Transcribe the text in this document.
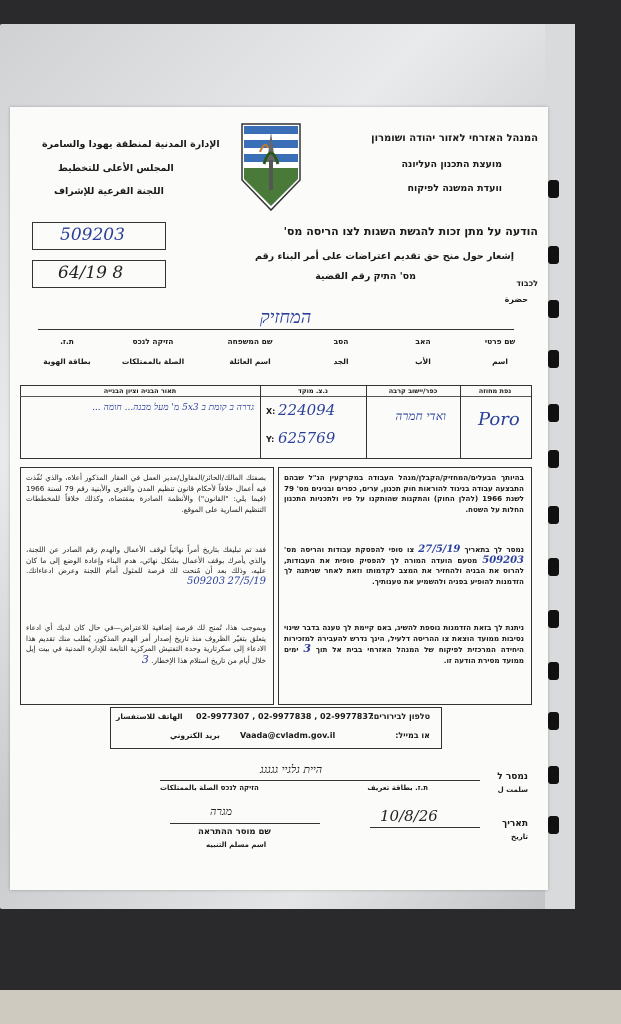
המנהל האזרחי לאזור יהודה ושומרון
מועצת התכנון העליונה
וועדת המשנה לפיקוח
الإدارة المدنية لمنطقة يهودا والسامرة
المجلس الأعلى للتخطيط
اللجنة الفرعية للإشراف
הודעה על מתן זכות להגשת השגות לצו הריסה מס'
إشعار حول منح حق تقديم اعتراضات على أمر البناء رقم
מס' התיק رقم القضية
509203
64/19 8
לכבוד
حضرة
המחזיק
שם פרטי
اسم
האב
الأب
הסב
الجد
שם המשפחה
اسم العائلة
הזיקה לנכס
الصلة بالممتلكات
ת.ז.
بطاقة الهوية
נפת מחוזה
כפר/יישוב קרבה
נ.צ. מוקד
תאור הבניה וציון הבנייה
Poro
ואדי חמרה
X: 224094
Y: 625769
גדרה ב קומת ב 5x3 מ' מעל מבנה... חומה ...
בהיותך הבעלים/המחזיק/הקבלן/מנהל העבודה במקרקעין הנ"ל שבהם התבצעה עבודה בניגוד להוראות חוק תכנון, ערים, כפרים ובנינים מס' 79 לשנת 1966 (להלן החוק) והתקנות שהותקנו על פיו ולתכניות התכנון החלות על השטח.
נמסר לך בתאריך 27/5/19 צו סופי להפסקת עבודות והריסה מס' 509203 מטעם הועדה המורה לך להפסיק סופית את העבודות, להרוס את הבניה ולהחזיר את המצב לקדמותו וזאת לאחר שניתנה לך הזדמנות להופיע בפניה ולהשמיע את טענותיך.
ניתנת לך בזאת הזדמנות נוספת להשיג, באם קיימת לך טענה בדבר שינוי נסיבות ממועד הוצאת צו ההריסה דלעיל, הינך נדרש להעבירה למזכירות היחידה המרכזית לפיקוח של המנהל האזרחי בבית אל תוך 3 ימים ממועד מסירת הודעה זו.
بصفتك المالك/الحائز/المقاول/مدير العمل في العقار المذكور أعلاه، والذي نُفّذت فيه أعمال خلافاً لأحكام قانون تنظيم المدن والقرى والأبنية رقم 79 لسنة 1966 (فيما يلي: "القانون") والأنظمة الصادرة بمقتضاه، وكذلك خلافاً للمخططات التنظيم السارية على الموقع.
فقد تم تبليغك بتاريخ أمراً نهائياً لوقف الأعمال والهدم رقم الصادر عن اللجنة، والذي يأمرك بوقف الأعمال بشكل نهائي، هدم البناء وإعادة الوضع إلى ما كان عليه، وذلك بعد أن مُنحت لك فرصة للمثول أمام اللجنة وعرض ادعاءاتك. 27/5/19 509203
وبموجب هذا، تُمنح لك فرصة إضافية للاعتراض—في حال كان لديك أي ادعاء يتعلق بتغيّر الظروف منذ تاريخ إصدار أمر الهدم المذكور، يُطلب منك تقديم هذا الادعاء إلى سكرتارية وحدة التفتيش المركزية التابعة للإدارة المدنية في بيت إيل خلال أيام من تاريخ استلام هذا الإخطار. 3
טלפון לבירורים:
02-9977307 , 02-9977838 , 02-9977837
الهاتف للاستفسار
או במייל:
Vaada@cvladm.gov.il
بريد الكتروني
נמסר ל
سلمت ل
היית גלגיי גגגגג
ת.ז. بطاقة تعريف
הזיקה לנכס الصلة بالممتلكات
תאריך
تاريخ
10/8/26
מגרה
שם מוסר ההתראה
اسم مسلم التنبيه
